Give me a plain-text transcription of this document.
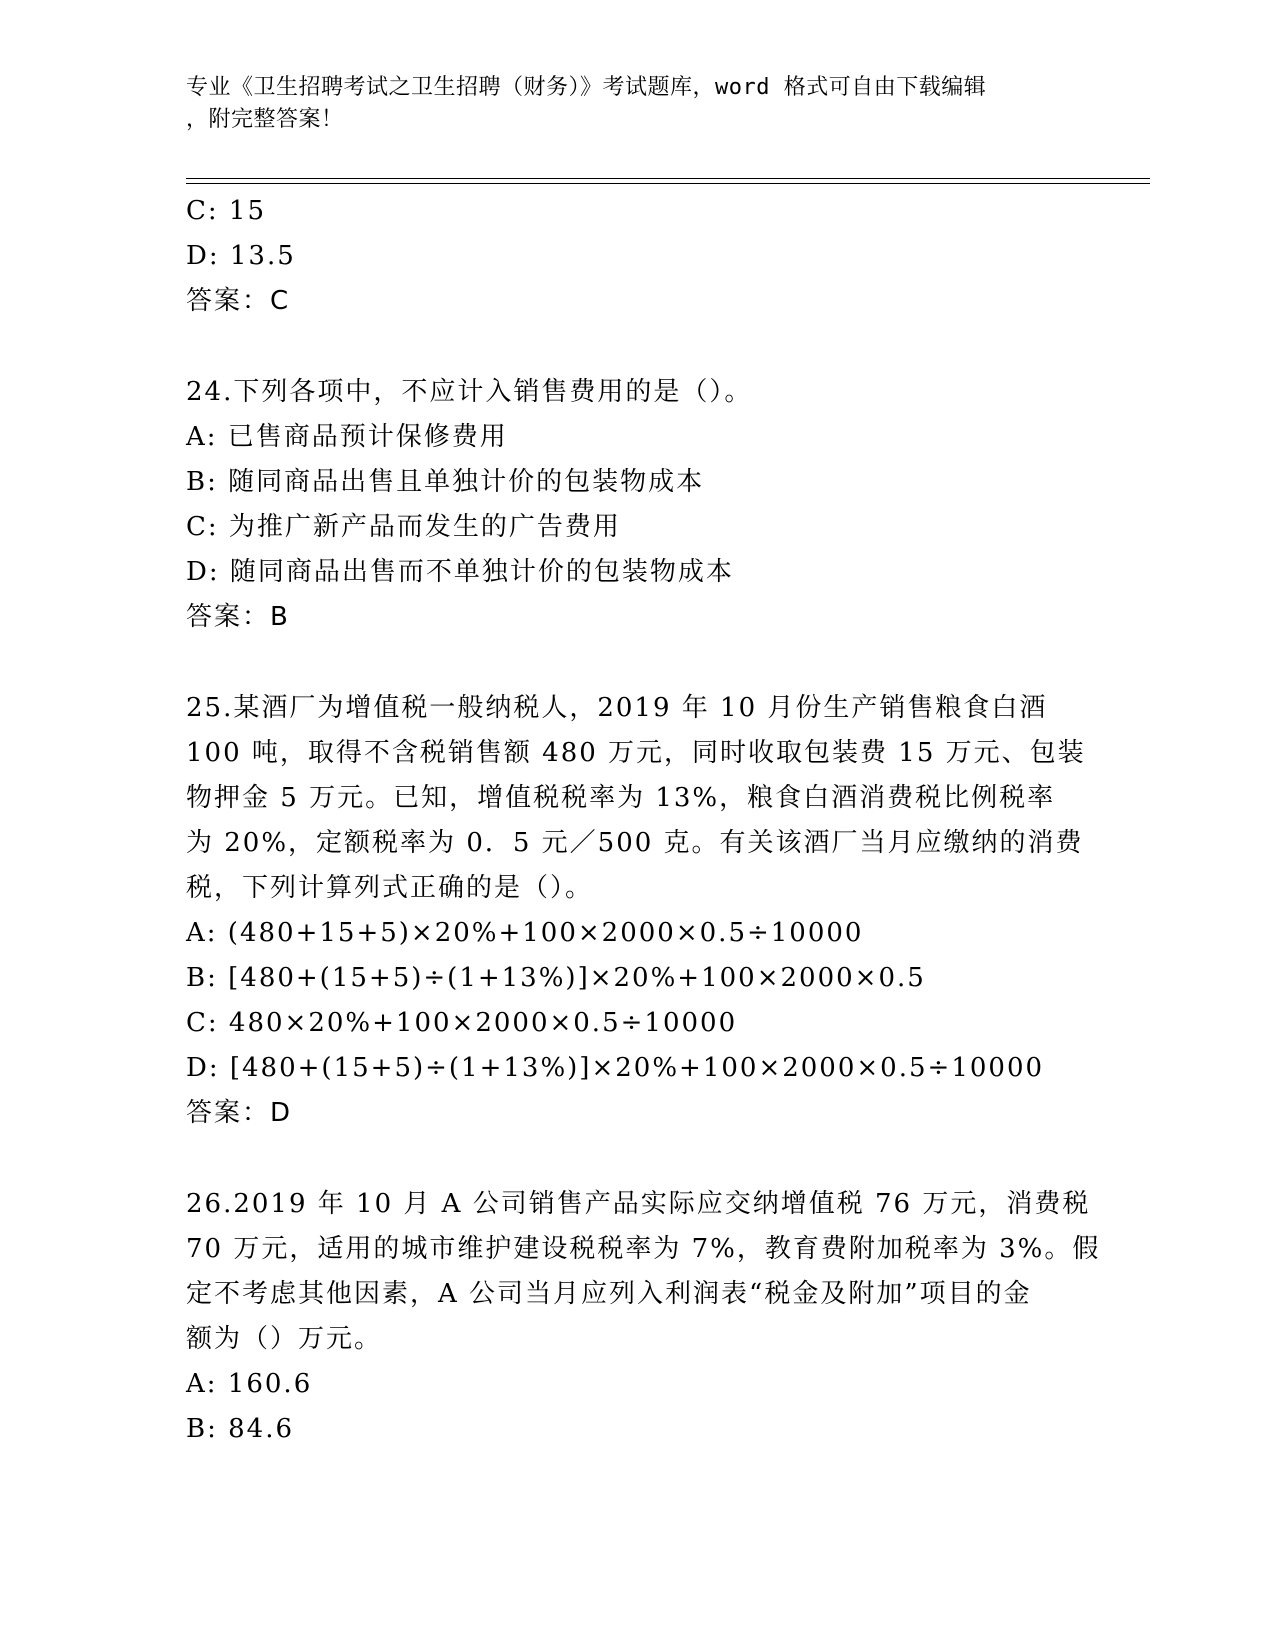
专业《卫生招聘考试之卫生招聘（财务）》考试题库，word 格式可自由下载编辑
，附完整答案！
C: 15
D: 13.5
答案：C
24.下列各项中，不应计入销售费用的是（）。
A: 已售商品预计保修费用
B: 随同商品出售且单独计价的包装物成本
C: 为推广新产品而发生的广告费用
D: 随同商品出售而不单独计价的包装物成本
答案：B
25.某酒厂为增值税一般纳税人，2019 年 10 月份生产销售粮食白酒
100 吨，取得不含税销售额 480 万元，同时收取包装费 15 万元、包装
物押金 5 万元。已知，增值税税率为 13%，粮食白酒消费税比例税率
为 20%，定额税率为 0．5 元／500 克。有关该酒厂当月应缴纳的消费
税，下列计算列式正确的是（）。
A: (480+15+5)×20%+100×2000×0.5÷10000
B: [480+(15+5)÷(1+13%)]×20%+100×2000×0.5
C: 480×20%+100×2000×0.5÷10000
D: [480+(15+5)÷(1+13%)]×20%+100×2000×0.5÷10000
答案：D
26.2019 年 10 月 A 公司销售产品实际应交纳增值税 76 万元，消费税
70 万元，适用的城市维护建设税税率为 7%，教育费附加税率为 3%。假
定不考虑其他因素，A 公司当月应列入利润表“税金及附加”项目的金
额为（）万元。
A: 160.6
B: 84.6
